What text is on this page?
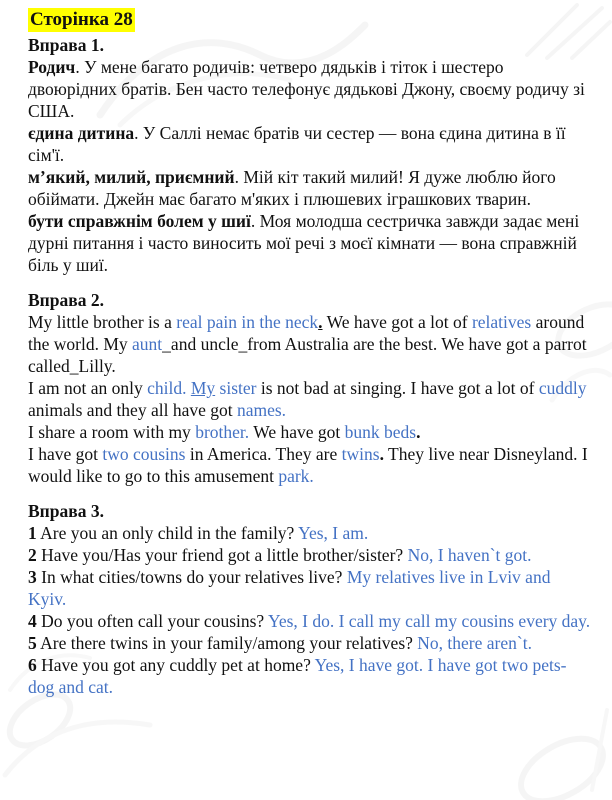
Сторінка 28
Вправа 1.

Родич. У мене багато родичів: четверо дядьків і тіток і шестеро двоюрідних братів. Бен часто телефонує дядькові Джону, своєму родичу зі США.

єдина дитина. У Саллі немає братів чи сестер — вона єдина дитина в її сім'ї.

м’який, милий, приємний. Мій кіт такий милий! Я дуже люблю його обіймати. Джейн має багато м'яких і плюшевих іграшкових тварин.

бути справжнім болем у шиї. Моя молодша сестричка завжди задає мені дурні питання і часто виносить мої речі з моєї кімнати — вона справжній біль у шиї.

Вправа 2.

My little brother is a real pain in the neck. We have got a lot of relatives around the world. My aunt_and uncle_from Australia are the best. We have got a parrot called_Lilly.

I am not an only child. My sister is not bad at singing. I have got a lot of cuddly animals and they all have got names.

I share a room with my brother. We have got bunk beds.

I have got two cousins in America. They are twins. They live near Disneyland. I would like to go to this amusement park.

Вправа 3.

1 Are you an only child in the family? Yes, I am.

2 Have you/Has your friend got a little brother/sister? No, I haven`t got.

3 In what cities/towns do your relatives live? My relatives live in Lviv and Kyiv.

4 Do you often call your cousins? Yes, I do. I call my call my cousins every day.

5 Are there twins in your family/among your relatives? No, there aren`t.

6 Have you got any cuddly pet at home? Yes, I have got. I have got two pets-dog and cat.
